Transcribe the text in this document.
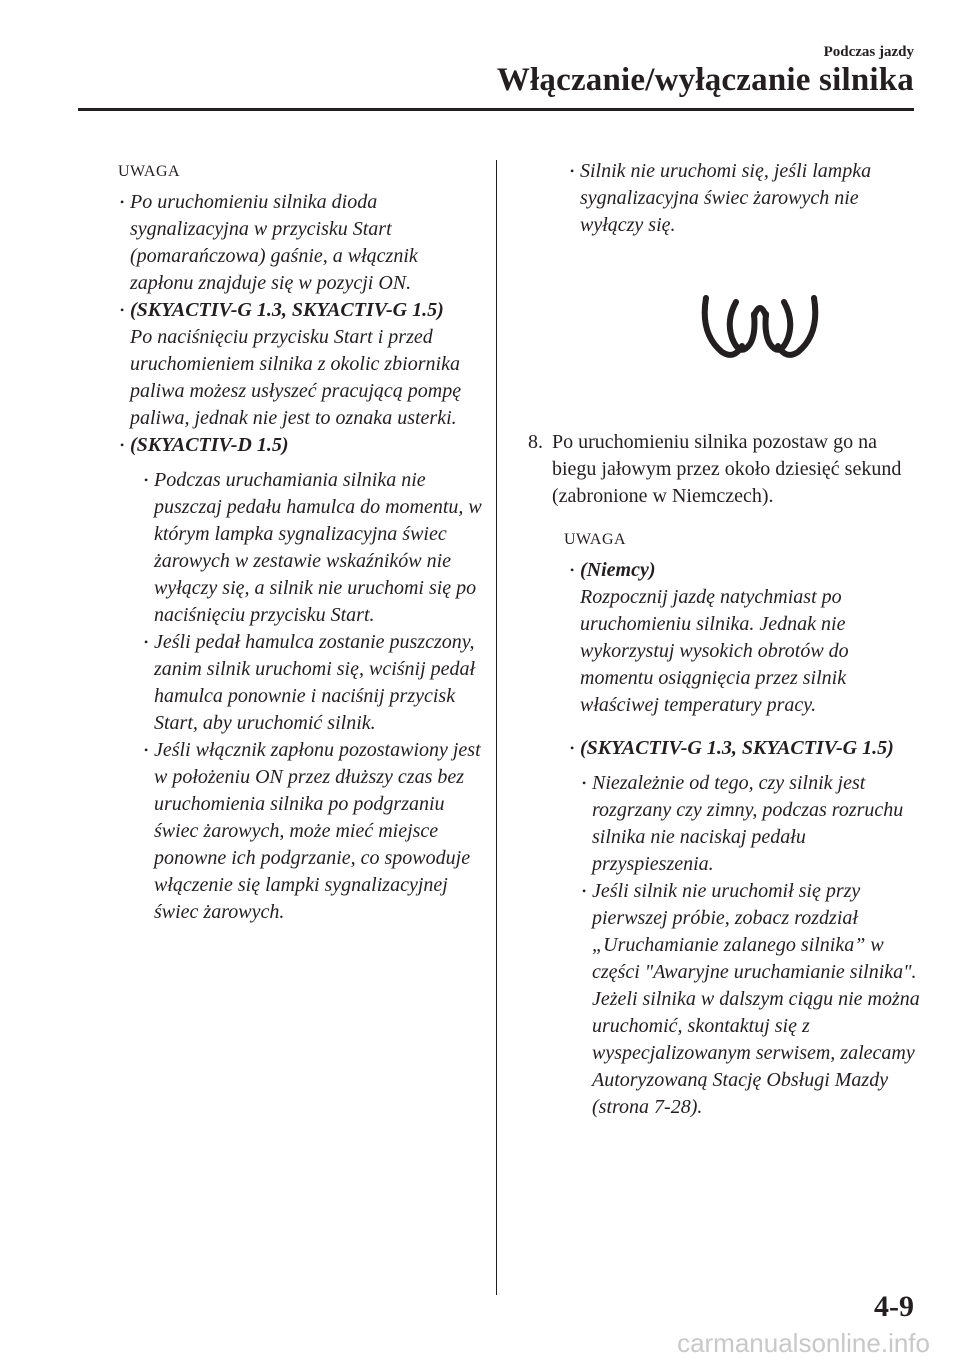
Podczas jazdy
Włączanie/wyłączanie silnika
UWAGA
• Po uruchomieniu silnika dioda sygnalizacyjna w przycisku Start (pomarańczowa) gaśnie, a włącznik zapłonu znajduje się w pozycji ON.
• (SKYACTIV-G 1.3, SKYACTIV-G 1.5)
Po naciśnięciu przycisku Start i przed uruchomieniem silnika z okolic zbiornika paliwa możesz usłyszeć pracującą pompę paliwa, jednak nie jest to oznaka usterki.
• (SKYACTIV-D 1.5)
• Podczas uruchamiania silnika nie puszczaj pedału hamulca do momentu, w którym lampka sygnalizacyjna świec żarowych w zestawie wskaźników nie wyłączy się, a silnik nie uruchomi się po naciśnięciu przycisku Start.
• Jeśli pedał hamulca zostanie puszczony, zanim silnik uruchomi się, wciśnij pedał hamulca ponownie i naciśnij przycisk Start, aby uruchomić silnik.
• Jeśli włącznik zapłonu pozostawiony jest w położeniu ON przez dłuższy czas bez uruchomienia silnika po podgrzaniu świec żarowych, może mieć miejsce ponowne ich podgrzanie, co spowoduje włączenie się lampki sygnalizacyjnej świec żarowych.
• Silnik nie uruchomi się, jeśli lampka sygnalizacyjna świec żarowych nie wyłączy się.
8. Po uruchomieniu silnika pozostaw go na biegu jałowym przez około dziesięć sekund (zabronione w Niemczech).
UWAGA
• (Niemcy)
Rozpocznij jazdę natychmiast po uruchomieniu silnika. Jednak nie wykorzystuj wysokich obrotów do momentu osiągnięcia przez silnik właściwej temperatury pracy.
• (SKYACTIV-G 1.3, SKYACTIV-G 1.5)
• Niezależnie od tego, czy silnik jest rozgrzany czy zimny, podczas rozruchu silnika nie naciskaj pedału przyspieszenia.
• Jeśli silnik nie uruchomił się przy pierwszej próbie, zobacz rozdział „Uruchamianie zalanego silnika” w części "Awaryjne uruchamianie silnika". Jeżeli silnika w dalszym ciągu nie można uruchomić, skontaktuj się z wyspecjalizowanym serwisem, zalecamy Autoryzowaną Stację Obsługi Mazdy (strona 7-28).
4-9
carmanualsonline.info
